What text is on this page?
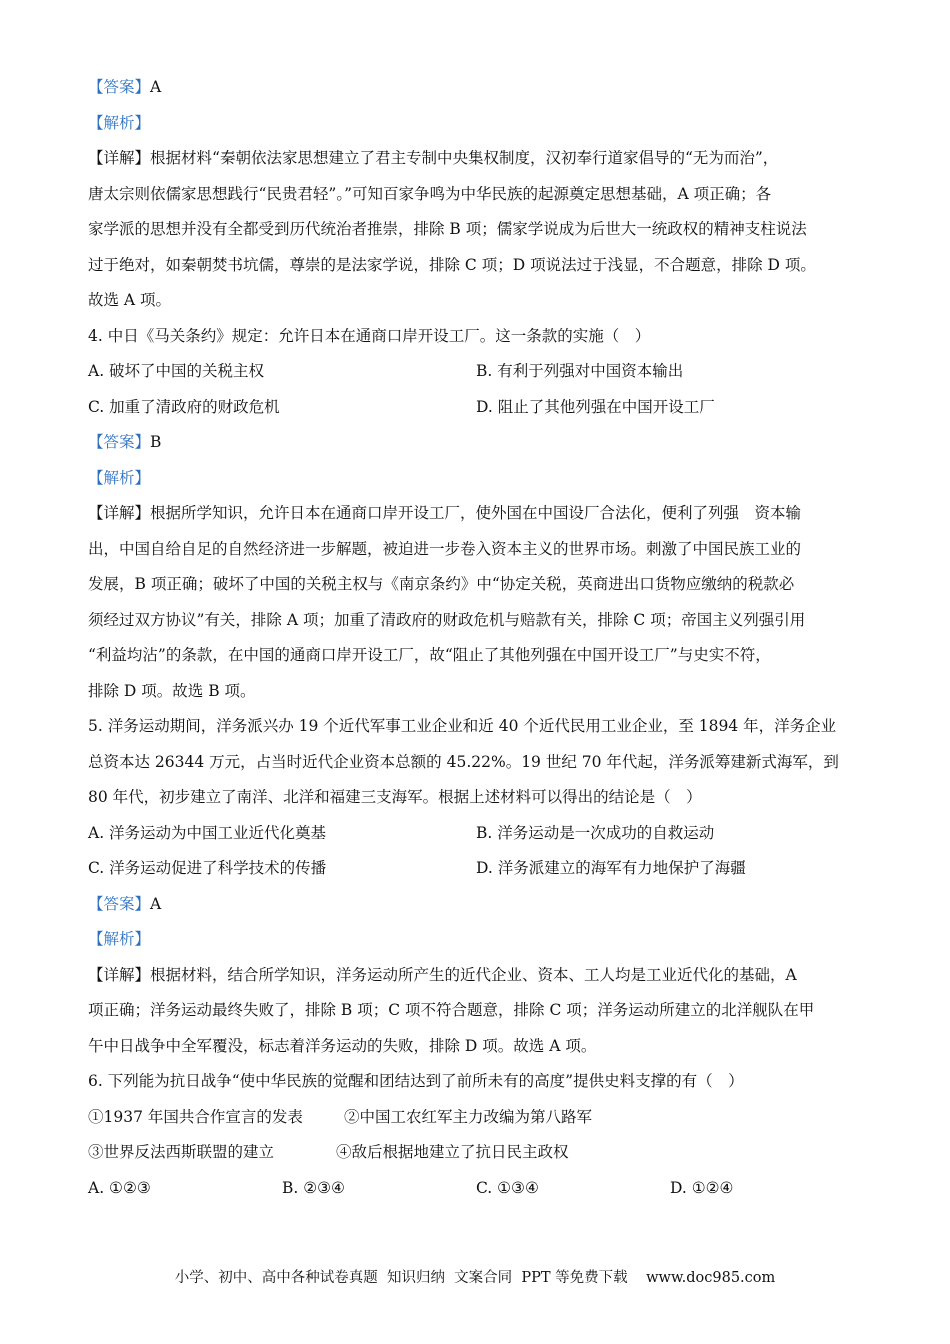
【答案】A
【解析】
【详解】根据材料“秦朝依法家思想建立了君主专制中央集权制度，汉初奉行道家倡导的“无为而治”，
唐太宗则依儒家思想践行“民贵君轻”。”可知百家争鸣为中华民族的起源奠定思想基础，A 项正确；各
家学派的思想并没有全都受到历代统治者推崇，排除 B 项；儒家学说成为后世大一统政权的精神支柱说法
过于绝对，如秦朝焚书坑儒，尊崇的是法家学说，排除 C 项；D 项说法过于浅显，不合题意，排除 D 项。
故选 A 项。
4. 中日《马关条约》规定：允许日本在通商口岸开设工厂。这一条款的实施（　）
A. 破坏了中国的关税主权	B. 有利于列强对中国资本输出
C. 加重了清政府的财政危机	D. 阻止了其他列强在中国开设工厂
【答案】B
【解析】
【详解】根据所学知识，允许日本在通商口岸开设工厂，使外国在中国设厂合法化，便利了列强　资本输
出，中国自给自足的自然经济进一步解题，被迫进一步卷入资本主义的世界市场。刺激了中国民族工业的
发展，B 项正确；破坏了中国的关税主权与《南京条约》中“协定关税，英商进出口货物应缴纳的税款必
须经过双方协议”有关，排除 A 项；加重了清政府的财政危机与赔款有关，排除 C 项；帝国主义列强引用
“利益均沾”的条款，在中国的通商口岸开设工厂，故“阻止了其他列强在中国开设工厂”与史实不符，
排除 D 项。故选 B 项。
5. 洋务运动期间，洋务派兴办 19 个近代军事工业企业和近 40 个近代民用工业企业，至 1894 年，洋务企业
总资本达 26344 万元，占当时近代企业资本总额的 45.22%。19 世纪 70 年代起，洋务派筹建新式海军，到
80 年代，初步建立了南洋、北洋和福建三支海军。根据上述材料可以得出的结论是（　）
A. 洋务运动为中国工业近代化奠基	B. 洋务运动是一次成功的自救运动
C. 洋务运动促进了科学技术的传播	D. 洋务派建立的海军有力地保护了海疆
【答案】A
【解析】
【详解】根据材料，结合所学知识，洋务运动所产生的近代企业、资本、工人均是工业近代化的基础，A
项正确；洋务运动最终失败了，排除 B 项；C 项不符合题意，排除 C 项；洋务运动所建立的北洋舰队在甲
午中日战争中全军覆没，标志着洋务运动的失败，排除 D 项。故选 A 项。
6. 下列能为抗日战争“使中华民族的觉醒和团结达到了前所未有的高度”提供史料支撑的有（　）
①1937 年国共合作宣言的发表	②中国工农红军主力改编为第八路军
③世界反法西斯联盟的建立	④敌后根据地建立了抗日民主政权
A. ①②③	B. ②③④	C. ①③④	D. ①②④
小学、初中、高中各种试卷真题  知识归纳  文案合同  PPT 等免费下载    www.doc985.com
